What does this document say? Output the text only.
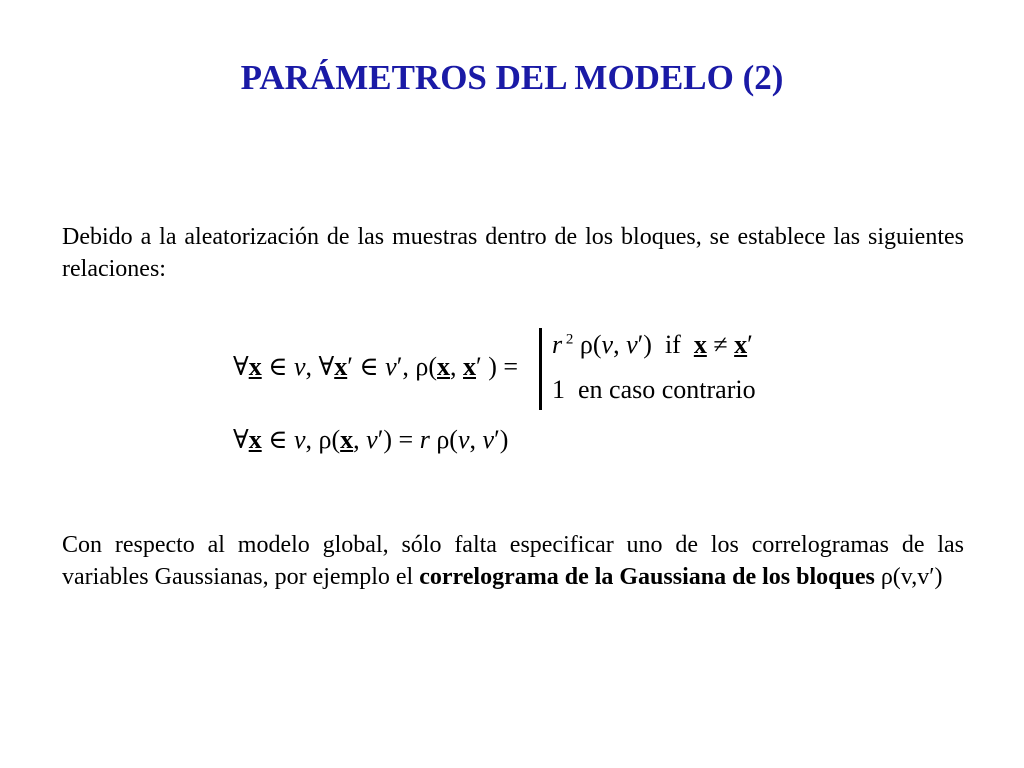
PARÁMETROS DEL MODELO (2)

Debido a la aleatorización de las muestras dentro de los bloques, se establece las siguientes relaciones:

∀x ∈ v, ∀x′ ∈ v′, ρ(x, x′ ) =
r $^2$ ρ(v, v′)  if  x ≠ x′
1  en caso contrario
∀x ∈ v, ρ(x, v′) = r ρ(v, v′)

Con respecto al modelo global, sólo falta especificar uno de los correlogramas de las variables Gaussianas, por ejemplo el correlograma de la Gaussiana de los bloques ρ(v,v′)
